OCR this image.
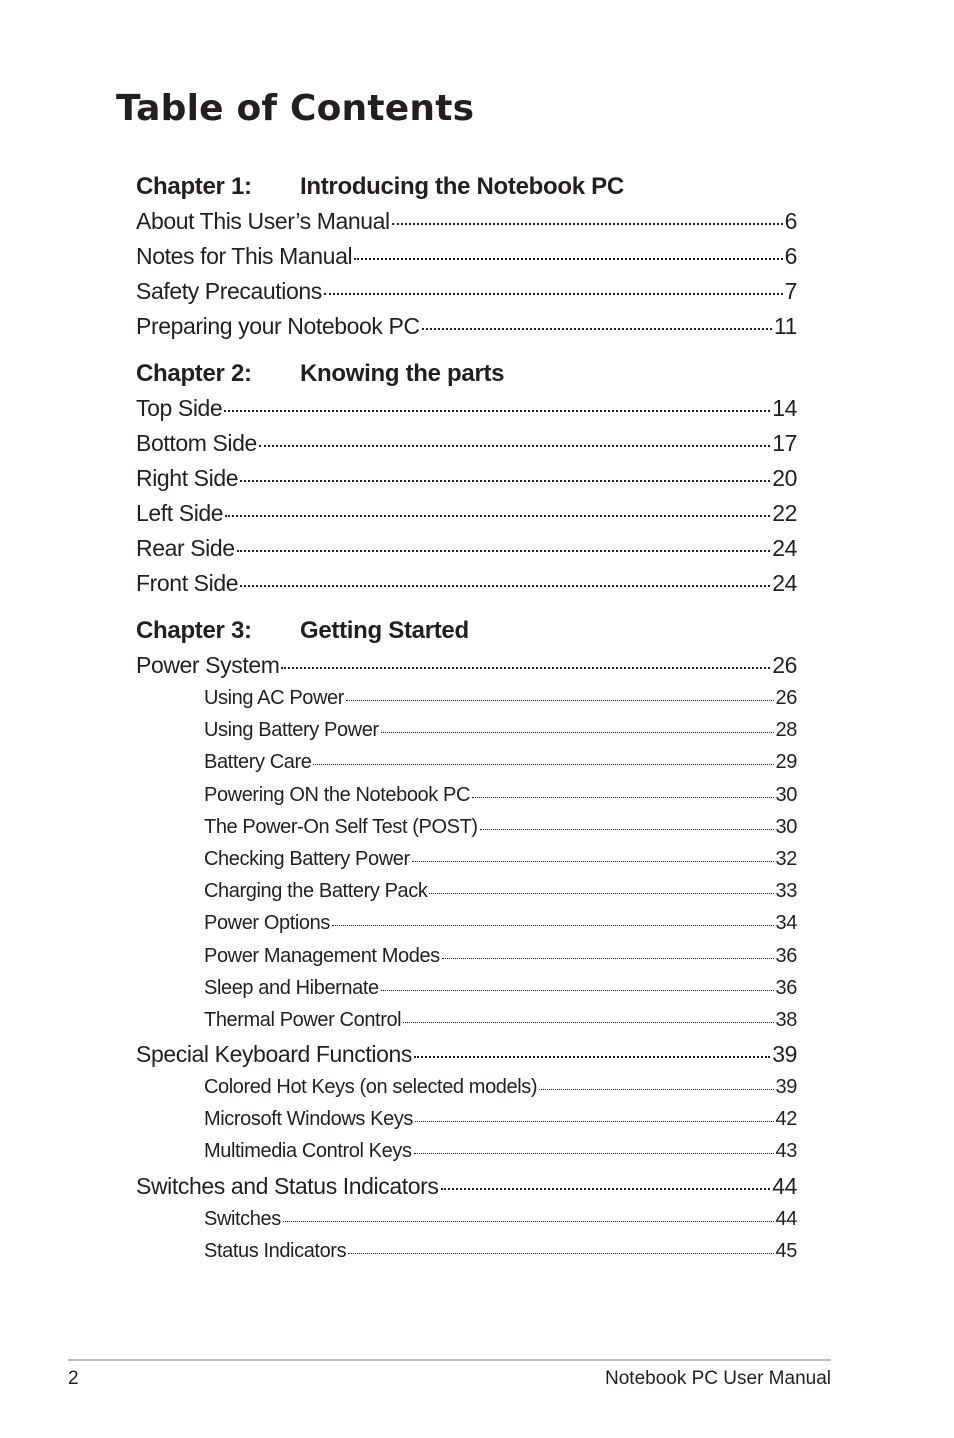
Table of Contents
Chapter 1:	Introducing the Notebook PC
About This User’s Manual	6
Notes for This Manual	6
Safety Precautions	7
Preparing your Notebook PC	11
Chapter 2:	Knowing the parts
Top Side	14
Bottom Side	17
Right Side	20
Left Side	22
Rear Side	24
Front Side	24
Chapter 3:	Getting Started
Power System	26
Using AC Power	26
Using Battery Power	28
Battery Care	29
Powering ON the Notebook PC	30
The Power-On Self Test (POST)	30
Checking Battery Power	32
Charging the Battery Pack	33
Power Options	34
Power Management Modes	36
Sleep and Hibernate	36
Thermal Power Control	38
Special Keyboard Functions	39
Colored Hot Keys (on selected models)	39
Microsoft Windows Keys	42
Multimedia Control Keys	43
Switches and Status Indicators	44
Switches	44
Status Indicators	45
2	Notebook PC User Manual
